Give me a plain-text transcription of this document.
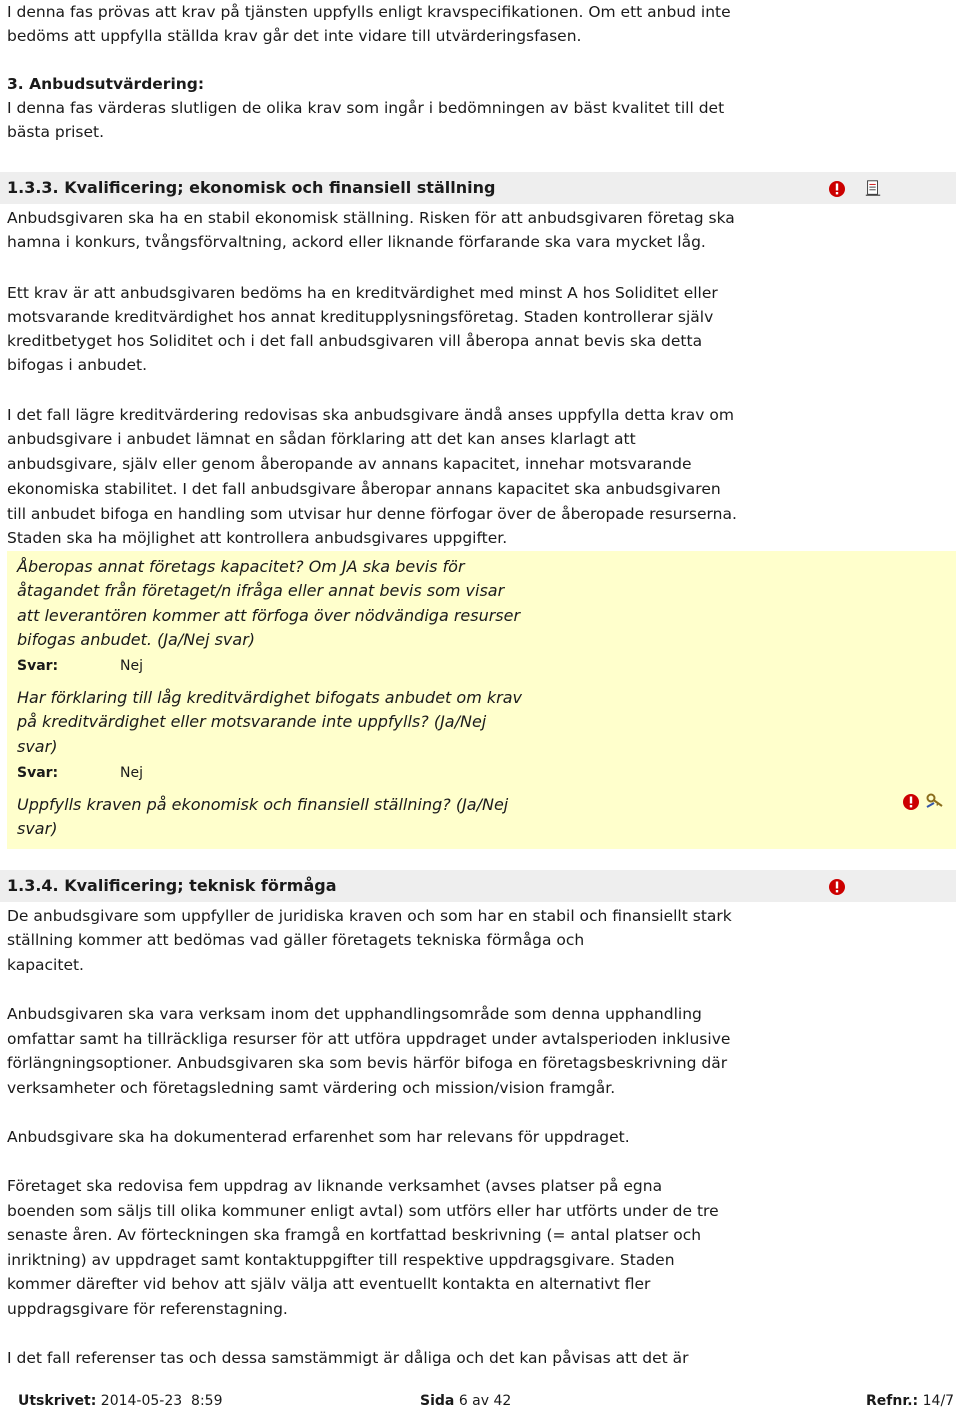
I denna fas prövas att krav på tjänsten uppfylls enligt kravspecifikationen. Om ett anbud inte
bedöms att uppfylla ställda krav går det inte vidare till utvärderingsfasen.
3. Anbudsutvärdering:
I denna fas värderas slutligen de olika krav som ingår i bedömningen av bäst kvalitet till det
bästa priset.
1.3.3. Kvalificering; ekonomisk och finansiell ställning
Anbudsgivaren ska ha en stabil ekonomisk ställning. Risken för att anbudsgivaren företag ska
hamna i konkurs, tvångsförvaltning, ackord eller liknande förfarande ska vara mycket låg.
Ett krav är att anbudsgivaren bedöms ha en kreditvärdighet med minst A hos Soliditet eller
motsvarande kreditvärdighet hos annat kreditupplysningsföretag. Staden kontrollerar själv
kreditbetyget hos Soliditet och i det fall anbudsgivaren vill åberopa annat bevis ska detta
bifogas i anbudet.
I det fall lägre kreditvärdering redovisas ska anbudsgivare ändå anses uppfylla detta krav om
anbudsgivare i anbudet lämnat en sådan förklaring att det kan anses klarlagt att
anbudsgivare, själv eller genom åberopande av annans kapacitet, innehar motsvarande
ekonomiska stabilitet. I det fall anbudsgivare åberopar annans kapacitet ska anbudsgivaren
till anbudet bifoga en handling som utvisar hur denne förfogar över de åberopade resurserna.
Staden ska ha möjlighet att kontrollera anbudsgivares uppgifter.
Åberopas annat företags kapacitet? Om JA ska bevis för
åtagandet från företaget/n ifråga eller annat bevis som visar
att leverantören kommer att förfoga över nödvändiga resurser
bifogas anbudet. (Ja/Nej svar)
Svar:	Nej
Har förklaring till låg kreditvärdighet bifogats anbudet om krav
på kreditvärdighet eller motsvarande inte uppfylls? (Ja/Nej
svar)
Svar:	Nej
Uppfylls kraven på ekonomisk och finansiell ställning? (Ja/Nej
svar)
1.3.4. Kvalificering; teknisk förmåga
De anbudsgivare som uppfyller de juridiska kraven och som har en stabil och finansiellt stark
ställning kommer att bedömas vad gäller företagets tekniska förmåga och
kapacitet.
Anbudsgivaren ska vara verksam inom det upphandlingsområde som denna upphandling
omfattar samt ha tillräckliga resurser för att utföra uppdraget under avtalsperioden inklusive
förlängningsoptioner. Anbudsgivaren ska som bevis härför bifoga en företagsbeskrivning där
verksamheter och företagsledning samt värdering och mission/vision framgår.
Anbudsgivare ska ha dokumenterad erfarenhet som har relevans för uppdraget.
Företaget ska redovisa fem uppdrag av liknande verksamhet (avses platser på egna
boenden som säljs till olika kommuner enligt avtal) som utförs eller har utförts under de tre
senaste åren. Av förteckningen ska framgå en kortfattad beskrivning (= antal platser och
inriktning) av uppdraget samt kontaktuppgifter till respektive uppdragsgivare. Staden
kommer därefter vid behov att själv välja att eventuellt kontakta en alternativt fler
uppdragsgivare för referenstagning.
I det fall referenser tas och dessa samstämmigt är dåliga och det kan påvisas att det är
Utskrivet: 2014-05-23  8:59	Sida 6 av 42	Refnr.: 14/7
